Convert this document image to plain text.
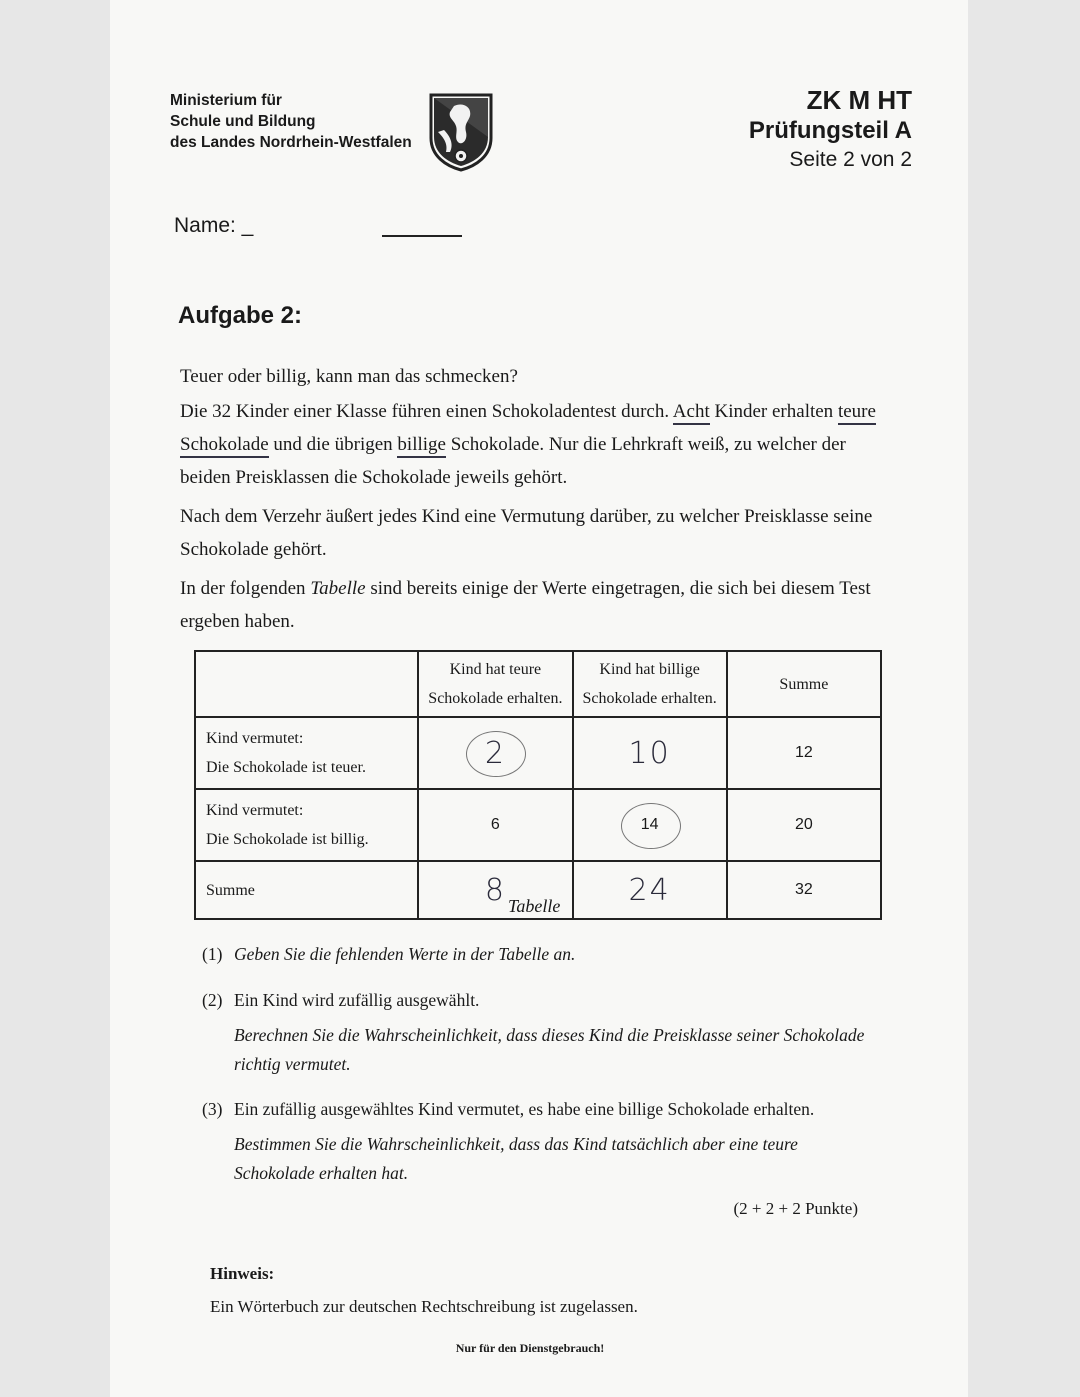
Ministerium für
Schule und Bildung
des Landes Nordrhein-Westfalen
ZK M HT
Prüfungsteil A
Seite 2 von 2
Name: _
Aufgabe 2:
Teuer oder billig, kann man das schmecken?
Die 32 Kinder einer Klasse führen einen Schokoladentest durch. Acht Kinder erhalten teure Schokolade und die übrigen billige Schokolade. Nur die Lehrkraft weiß, zu welcher der beiden Preisklassen die Schokolade jeweils gehört.
Nach dem Verzehr äußert jedes Kind eine Vermutung darüber, zu welcher Preisklasse seine Schokolade gehört.
In der folgenden Tabelle sind bereits einige der Werte eingetragen, die sich bei diesem Test ergeben haben.
	Kind hat teure Schokolade erhalten.	Kind hat billige Schokolade erhalten.	Summe

Kind vermutet:
Die Schokolade ist teuer.	2	10	12

Kind vermutet:
Die Schokolade ist billig.	6	14	20

Summe	8	24	32
Tabelle
(1) Geben Sie die fehlenden Werte in der Tabelle an.
(2) Ein Kind wird zufällig ausgewählt.
Berechnen Sie die Wahrscheinlichkeit, dass dieses Kind die Preisklasse seiner Schokolade richtig vermutet.
(3) Ein zufällig ausgewähltes Kind vermutet, es habe eine billige Schokolade erhalten.
Bestimmen Sie die Wahrscheinlichkeit, dass das Kind tatsächlich aber eine teure Schokolade erhalten hat.
(2 + 2 + 2 Punkte)
Hinweis:
Ein Wörterbuch zur deutschen Rechtschreibung ist zugelassen.
Nur für den Dienstgebrauch!
